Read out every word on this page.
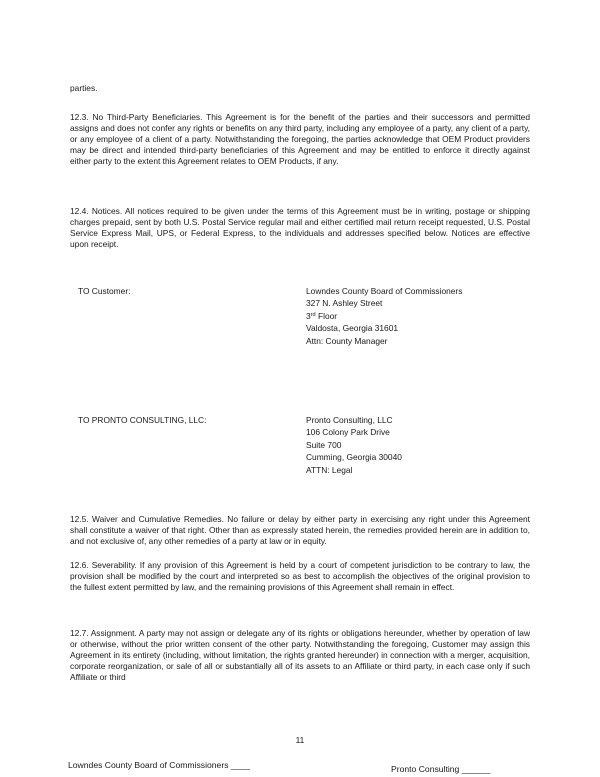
parties.

12.3. No Third-Party Beneficiaries. This Agreement is for the benefit of the parties and their successors and permitted assigns and does not confer any rights or benefits on any third party, including any employee of a party, any client of a party, or any employee of a client of a party. Notwithstanding the foregoing, the parties acknowledge that OEM Product providers may be direct and intended third-party beneficiaries of this Agreement and may be entitled to enforce it directly against either party to the extent this Agreement relates to OEM Products, if any.

12.4. Notices. All notices required to be given under the terms of this Agreement must be in writing, postage or shipping charges prepaid, sent by both U.S. Postal Service regular mail and either certified mail return receipt requested, U.S. Postal Service Express Mail, UPS, or Federal Express, to the individuals and addresses specified below. Notices are effective upon receipt.

TO Customer:	Lowndes County Board of Commissioners
327 N. Ashley Street
3rd Floor
Valdosta, Georgia 31601
Attn: County Manager
TO PRONTO CONSULTING, LLC:	Pronto Consulting, LLC
106 Colony Park Drive
Suite 700
Cumming, Georgia 30040
ATTN: Legal

12.5. Waiver and Cumulative Remedies. No failure or delay by either party in exercising any right under this Agreement shall constitute a waiver of that right. Other than as expressly stated herein, the remedies provided herein are in addition to, and not exclusive of, any other remedies of a party at law or in equity.

12.6. Severability. If any provision of this Agreement is held by a court of competent jurisdiction to be contrary to law, the provision shall be modified by the court and interpreted so as best to accomplish the objectives of the original provision to the fullest extent permitted by law, and the remaining provisions of this Agreement shall remain in effect.

12.7. Assignment. A party may not assign or delegate any of its rights or obligations hereunder, whether by operation of law or otherwise, without the prior written consent of the other party. Notwithstanding the foregoing, Customer may assign this Agreement in its entirety (including, without limitation, the rights granted hereunder) in connection with a merger, acquisition, corporate reorganization, or sale of all or substantially all of its assets to an Affiliate or third party, in each case only if such Affiliate or third

11
Lowndes County Board of Commissioners ____	Pronto Consulting ______
